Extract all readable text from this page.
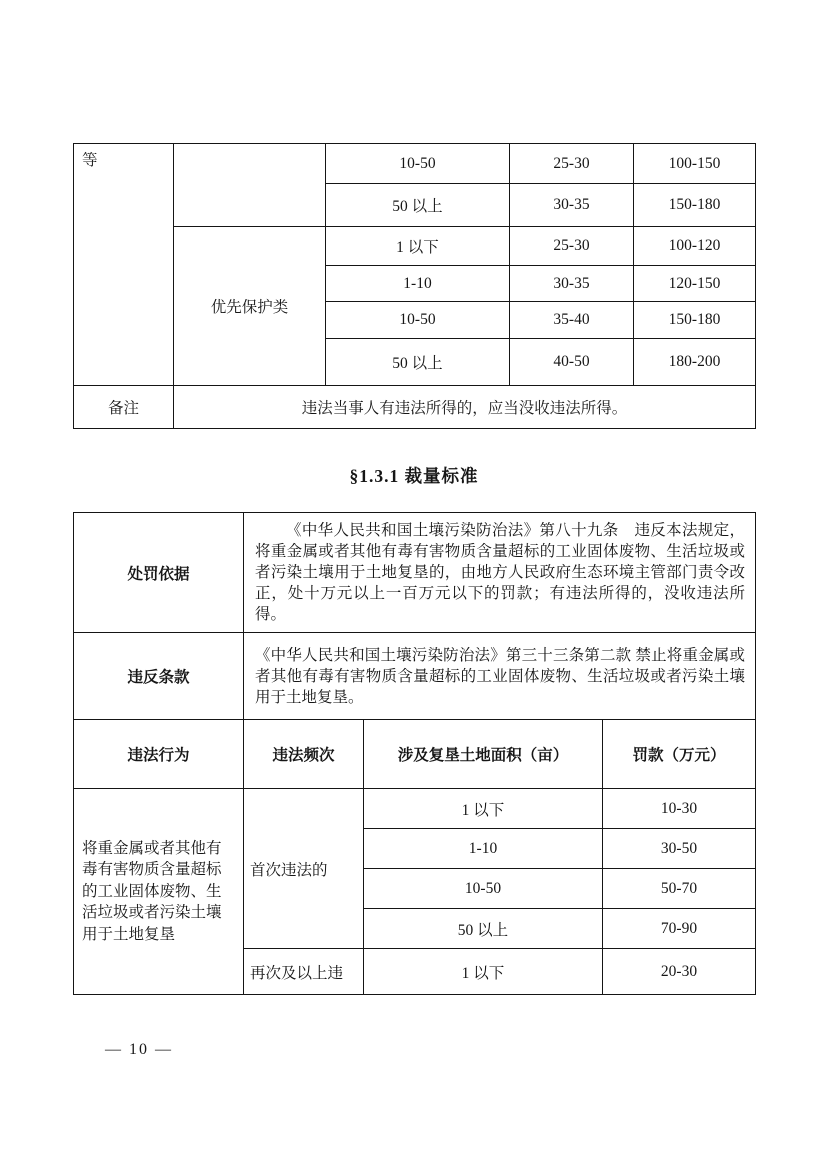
等		10-50	25-30	100-150
		50 以上	30-35	150-180
	优先保护类	1 以下	25-30	100-120
		1-10	30-35	120-150
		10-50	35-40	150-180
		50 以上	40-50	180-200
备注	违法当事人有违法所得的，应当没收违法所得。			
§1.3.1 裁量标准
处罚依据	《中华人民共和国土壤污染防治法》第八十九条　违反本法规定，将重金属或者其他有毒有害物质含量超标的工业固体废物、生活垃圾或者污染土壤用于土地复垦的，由地方人民政府生态环境主管部门责令改正，处十万元以上一百万元以下的罚款；有违法所得的，没收违法所得。		
违反条款	《中华人民共和国土壤污染防治法》第三十三条第二款 禁止将重金属或者其他有毒有害物质含量超标的工业固体废物、生活垃圾或者污染土壤用于土地复垦。		
违法行为	违法频次	涉及复垦土地面积（亩）	罚款（万元）
将重金属或者其他有毒有害物质含量超标的工业固体废物、生活垃圾或者污染土壤用于土地复垦	首次违法的	1 以下	10-30
		1-10	30-50
		10-50	50-70
		50 以上	70-90
	再次及以上违	1 以下	20-30
— 10 —
